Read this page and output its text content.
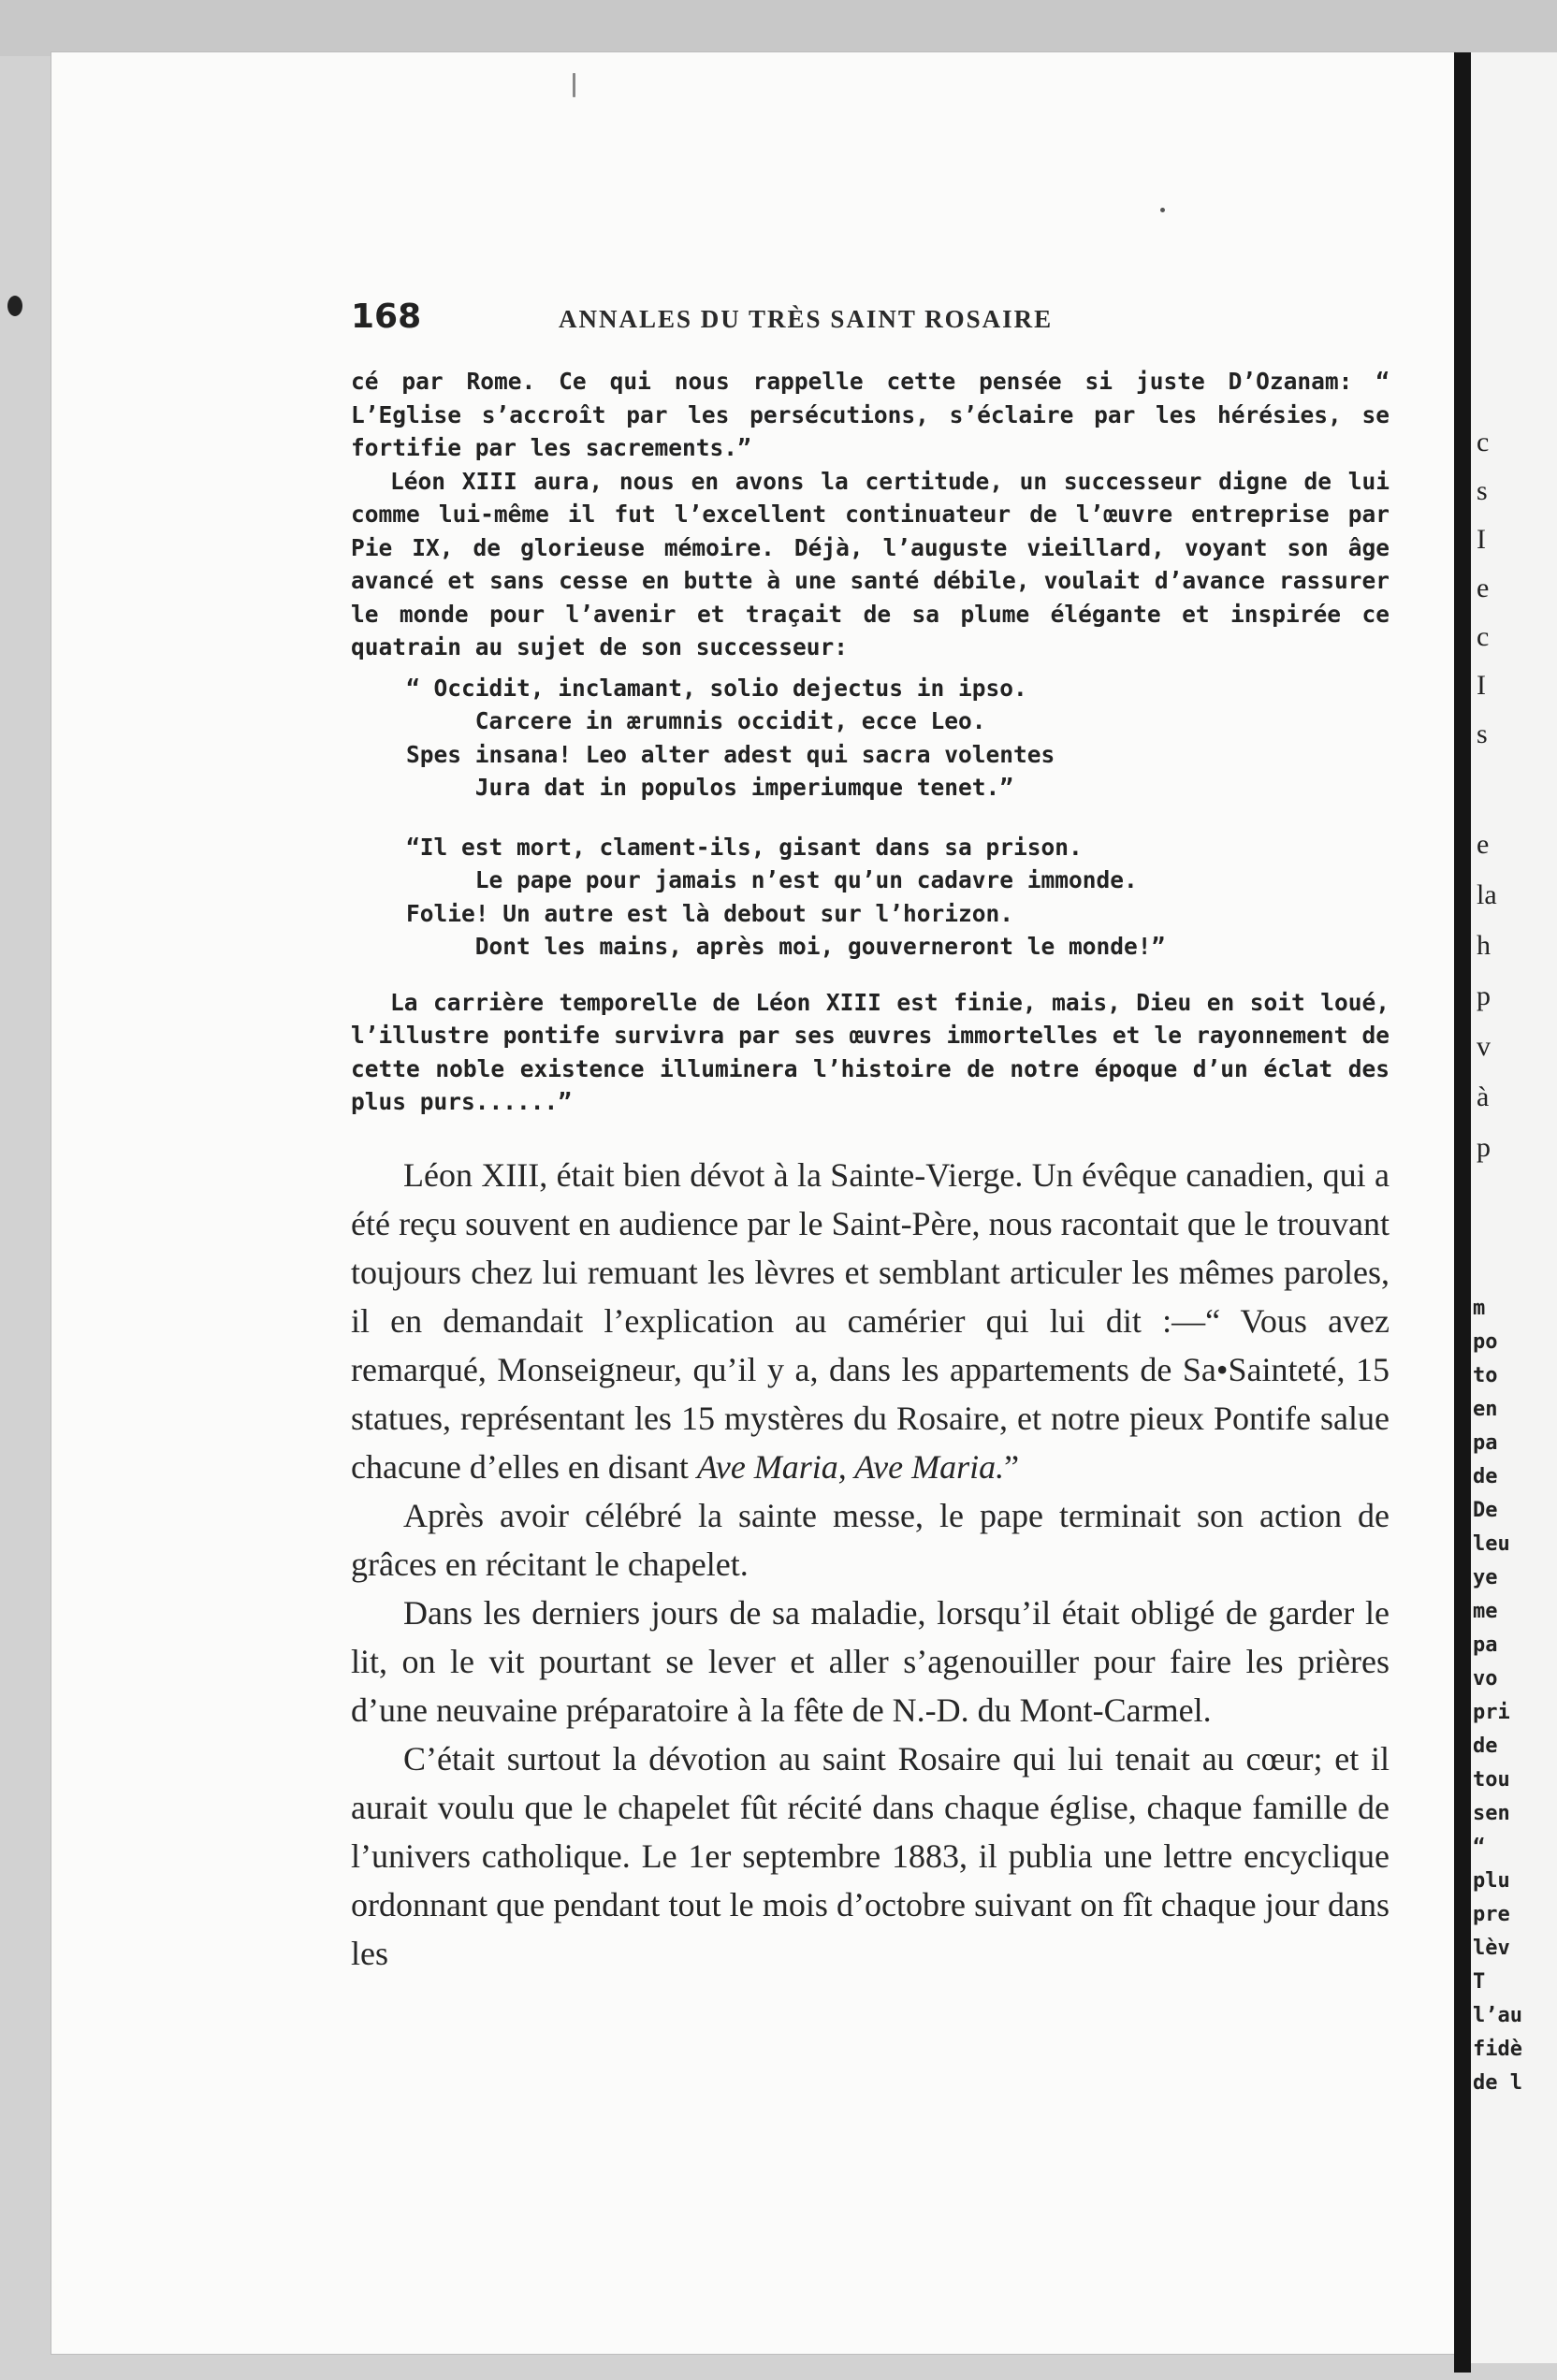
c
s
I
e
c
I
s
e
la
h
p
v
à
p
m
po
to
en
pa
de
De
leu
ye
me
pa
vo
pri
de
tou
sen
“
plu
pre
lèv
T
l’au
fidè
de l
168	ANNALES DU TRÈS SAINT ROSAIRE

cé par Rome. Ce qui nous rappelle cette pensée si juste D’Ozanam: “ L’Eglise s’accroît par les persécutions, s’éclaire par les hérésies, se fortifie par les sacrements.”

Léon XIII aura, nous en avons la certitude, un successeur digne de lui comme lui-même il fut l’excellent continuateur de l’œuvre entreprise par Pie IX, de glorieuse mémoire. Déjà, l’auguste vieillard, voyant son âge avancé et sans cesse en butte à une santé débile, voulait d’avance rassurer le monde pour l’avenir et traçait de sa plume élégante et inspirée ce quatrain au sujet de son successeur:

“ Occidit, inclamant, solio dejectus in ipso.
Carcere in ærumnis occidit, ecce Leo.
Spes insana! Leo alter adest qui sacra volentes
Jura dat in populos imperiumque tenet.”
“Il est mort, clament-ils, gisant dans sa prison.
Le pape pour jamais n’est qu’un cadavre immonde.
Folie! Un autre est là debout sur l’horizon.
Dont les mains, après moi, gouverneront le monde!”

La carrière temporelle de Léon XIII est finie, mais, Dieu en soit loué, l’illustre pontife survivra par ses œuvres immortelles et le rayonnement de cette noble existence illuminera l’histoire de notre époque d’un éclat des plus purs......”

Léon XIII, était bien dévot à la Sainte-Vierge. Un évêque canadien, qui a été reçu souvent en audience par le Saint-Père, nous racontait que le trouvant toujours chez lui remuant les lèvres et semblant articuler les mêmes paroles, il en demandait l’explication au camérier qui lui dit :—“ Vous avez remarqué, Monseigneur, qu’il y a, dans les appartements de Sa•Sainteté, 15 statues, représentant les 15 mystères du Rosaire, et notre pieux Pontife salue chacune d’elles en disant Ave Maria, Ave Maria.”

Après avoir célébré la sainte messe, le pape terminait son action de grâces en récitant le chapelet.

Dans les derniers jours de sa maladie, lorsqu’il était obligé de garder le lit, on le vit pourtant se lever et aller s’agenouiller pour faire les prières d’une neuvaine préparatoire à la fête de N.-D. du Mont-Carmel.

C’était surtout la dévotion au saint Rosaire qui lui tenait au cœur; et il aurait voulu que le chapelet fût récité dans chaque église, chaque famille de l’univers catholique. Le 1er septembre 1883, il publia une lettre encyclique ordonnant que pendant tout le mois d’octobre suivant on fît chaque jour dans les
